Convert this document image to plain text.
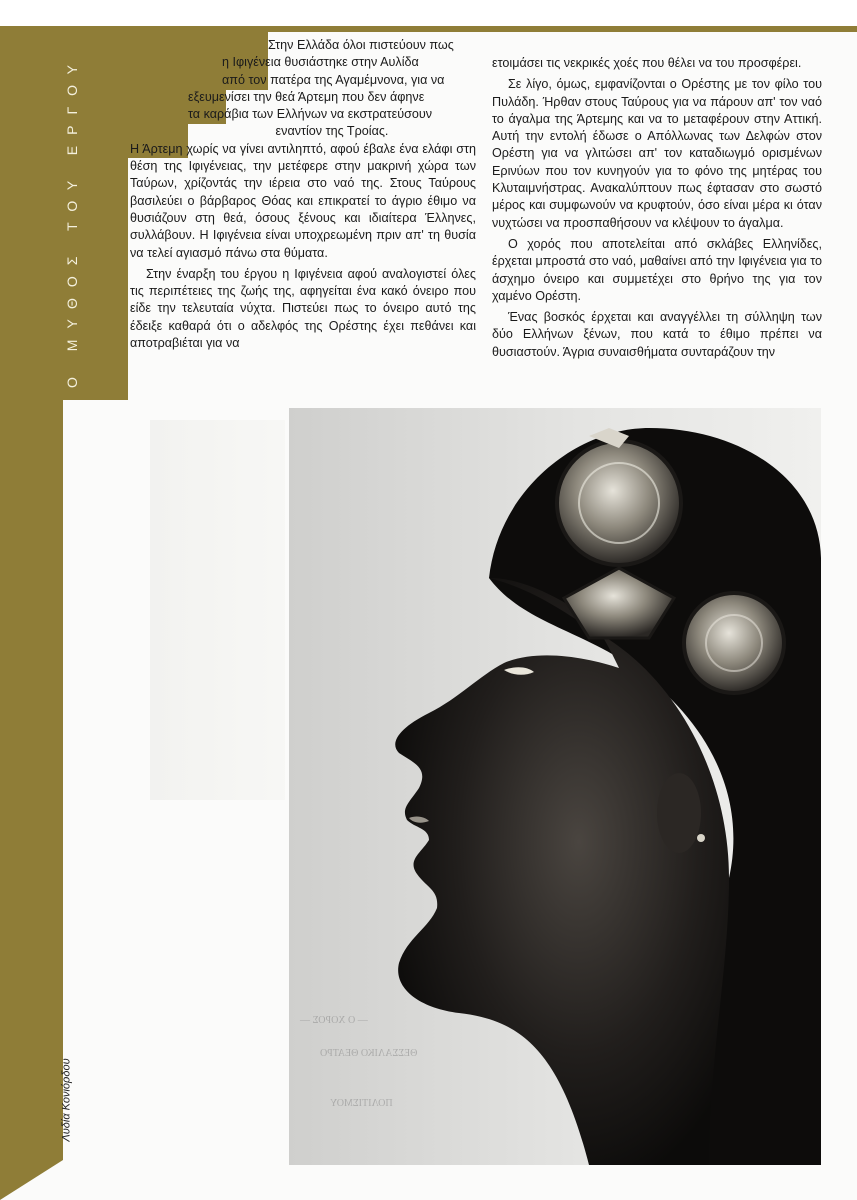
Ο ΜΥΘΟΣ ΤΟΥ ΕΡΓΟΥ

Στην Ελλάδα όλοι πιστεύουν πως

η Ιφιγένεια θυσιάστηκε στην Αυλίδα

από τον πατέρα της Αγαμέμνονα, για να

εξευμενίσει την θεά Άρτεμη που δεν άφηνε

τα καράβια των Ελλήνων να εκστρατεύσουν

εναντίον της Τροίας.

Η Άρτεμη χωρίς να γίνει αντιληπτό, αφού έβαλε ένα ελάφι στη θέση της Ιφιγένειας, την μετέφερε στην μακρινή χώρα των Ταύρων, χρίζοντάς την ιέρεια στο ναό της. Στους Ταύρους βασιλεύει ο βάρβαρος Θόας και επικρατεί το άγριο έθιμο να θυσιάζουν στη θεά, όσους ξένους και ιδιαίτερα Έλληνες, συλλάβουν. Η Ιφιγένεια είναι υποχρεωμένη πριν απ' τη θυσία να τελεί αγιασμό πάνω στα θύματα.

Στην έναρξη του έργου η Ιφιγένεια αφού αναλογιστεί όλες τις περιπέτειες της ζωής της, αφηγείται ένα κακό όνειρο που είδε την τελευταία νύχτα. Πιστεύει πως το όνειρο αυτό της έδειξε καθαρά ότι ο αδελφός της Ορέστης έχει πεθάνει και αποτραβιέται για να

ετοιμάσει τις νεκρικές χοές που θέλει να του προσφέρει.

Σε λίγο, όμως, εμφανίζονται ο Ορέστης με τον φίλο του Πυλάδη. Ήρθαν στους Ταύρους για να πάρουν απ' τον ναό το άγαλμα της Άρτεμης και να το μεταφέρουν στην Αττική. Αυτή την εντολή έδωσε ο Απόλλωνας των Δελφών στον Ορέστη για να γλιτώσει απ' τον καταδιωγμό ορισμένων Ερινύων που τον κυνηγούν για το φόνο της μητέρας του Κλυταιμνήστρας. Ανακαλύπτουν πως έφτασαν στο σωστό μέρος και συμφωνούν να κρυφτούν, όσο είναι μέρα κι όταν νυχτώσει να προσπαθήσουν να κλέψουν το άγαλμα.

Ο χορός που αποτελείται από σκλάβες Ελληνίδες, έρχεται μπροστά στο ναό, μαθαίνει από την Ιφιγένεια για το άσχημο όνειρο και συμμετέχει στο θρήνο της για τον χαμένο Ορέστη.

Ένας βοσκός έρχεται και αναγγέλλει τη σύλληψη των δύο Ελλήνων ξένων, που κατά το έθιμο πρέπει να θυσιαστούν. Άγρια συναισθήματα συνταράζουν την

— Ο ΧΟΡΟΣ —
ΘΕΣΣΑΛΙΚΟ ΘΕΑΤΡΟ
ΠΟΛΙΤΙΣΜΟΥ
Λυδία Κονιόρδου
